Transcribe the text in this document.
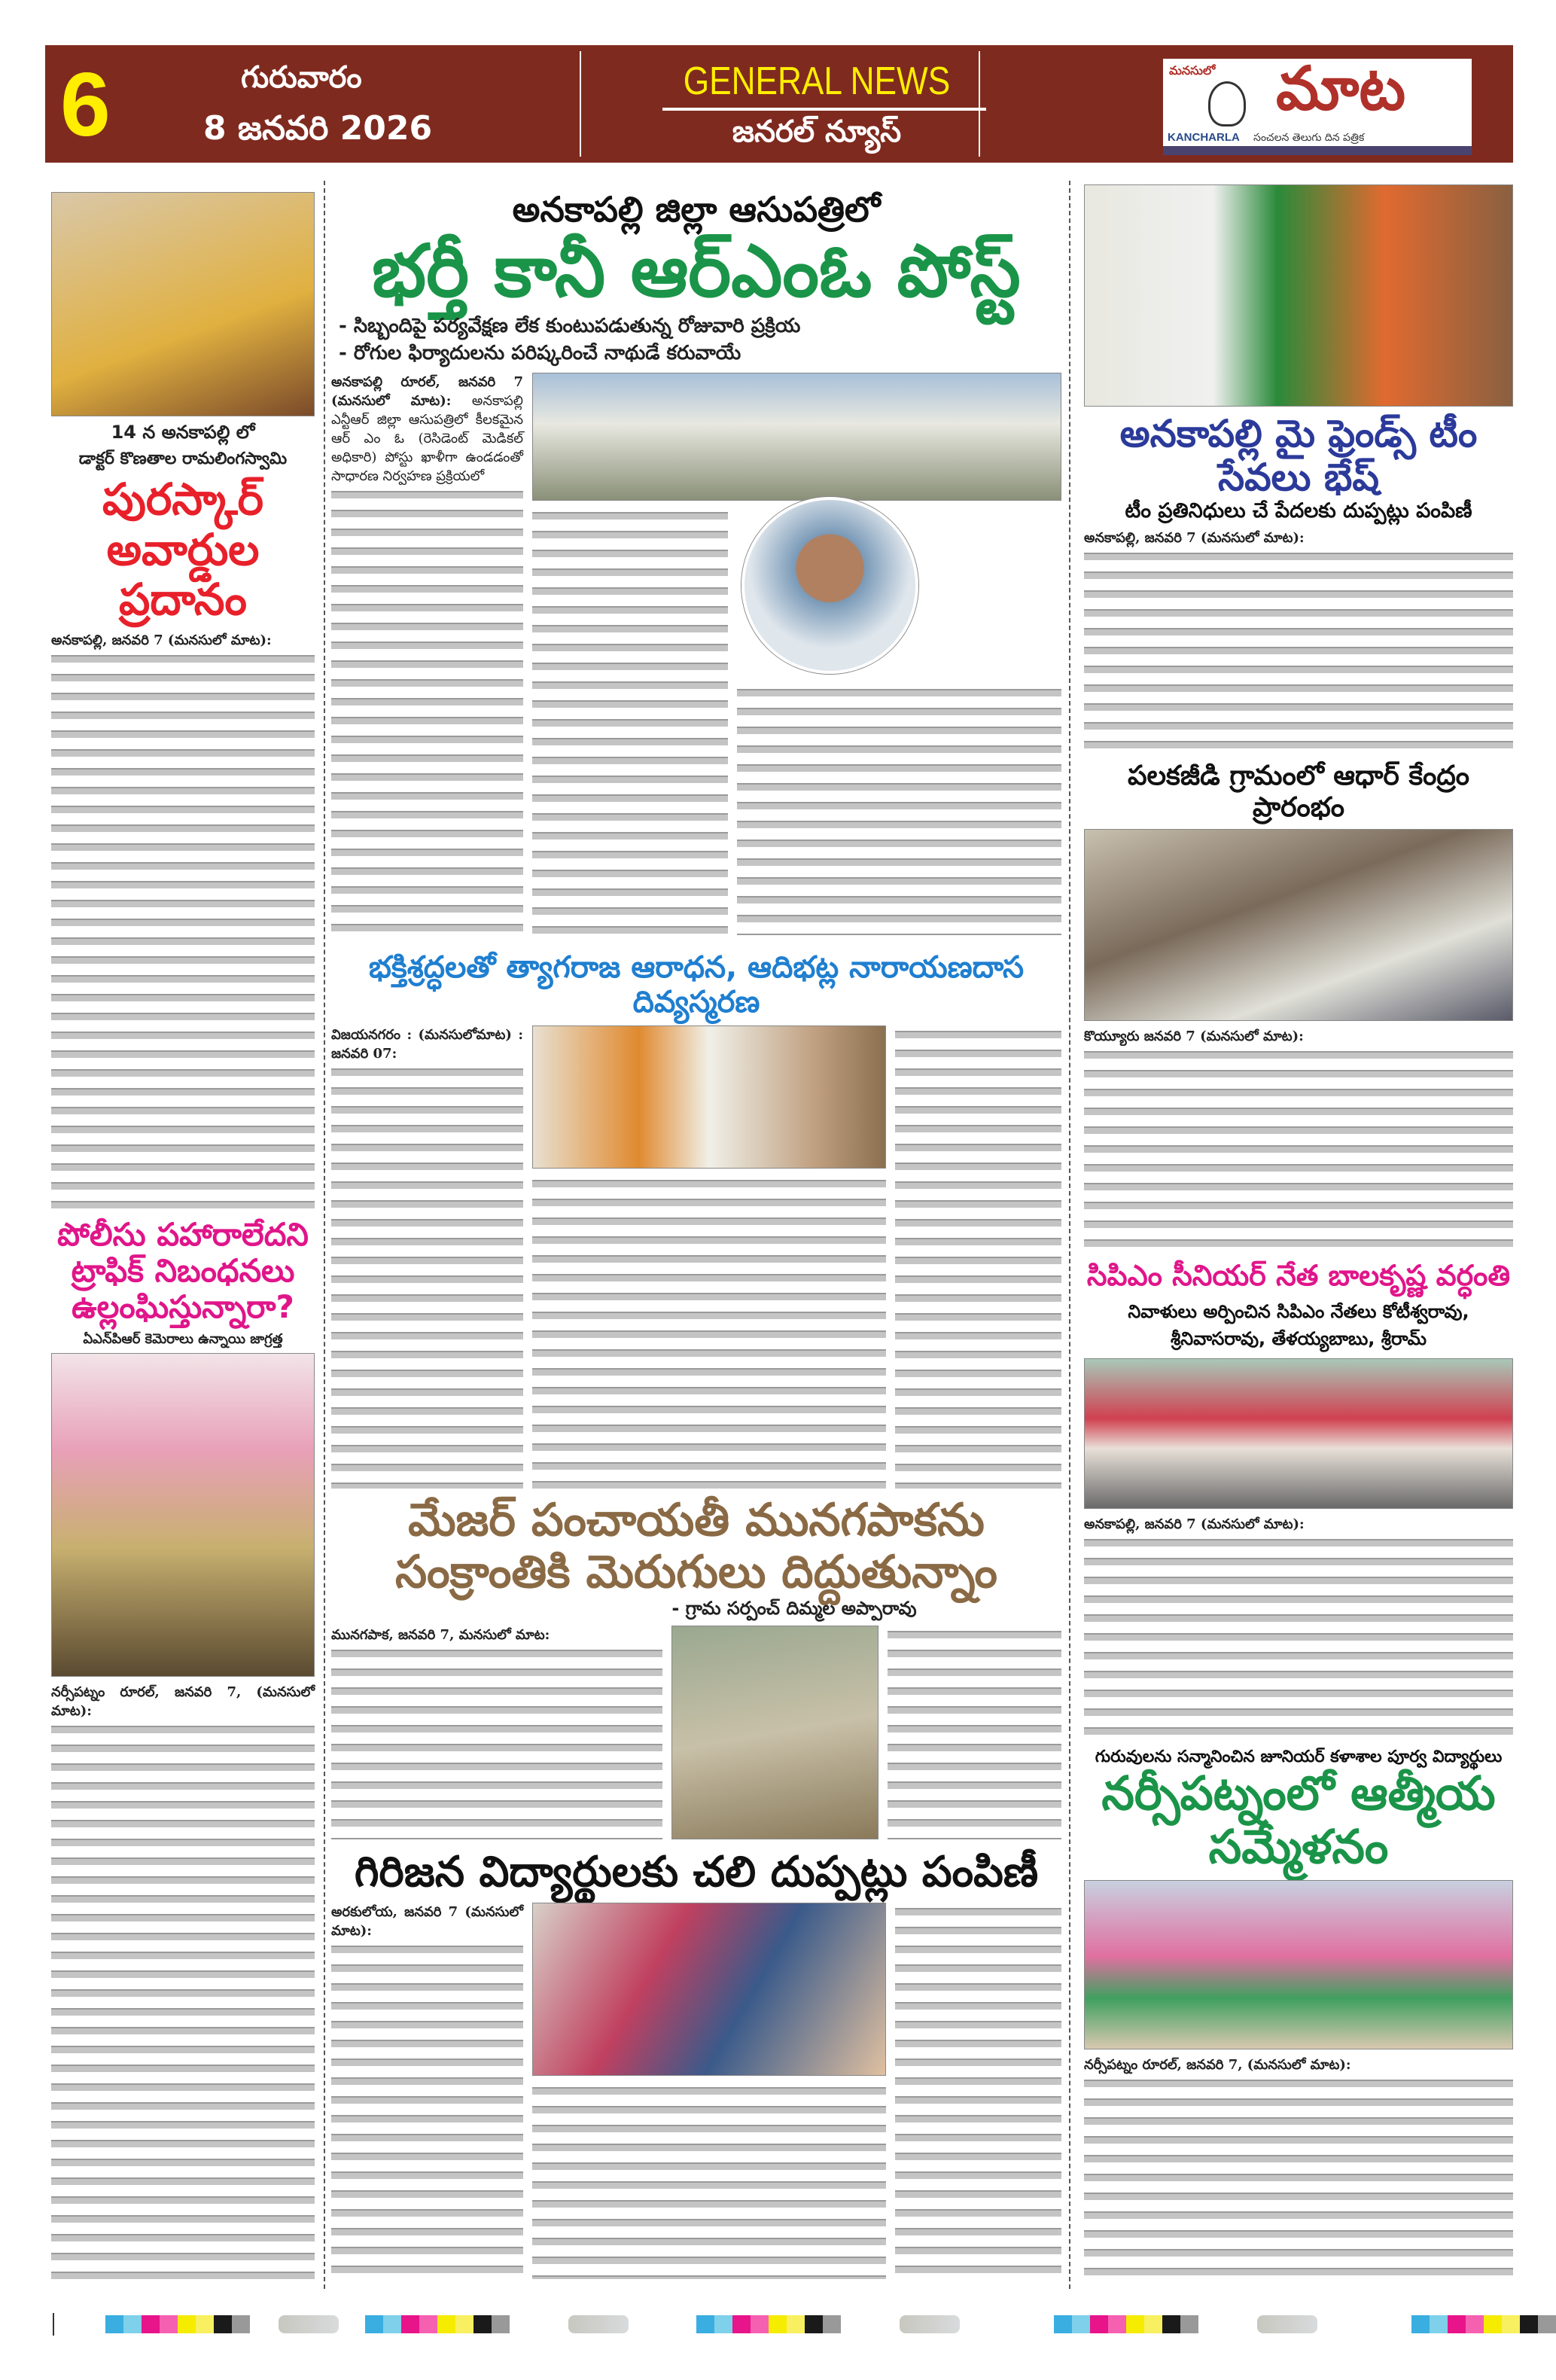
6	గురువారం
8 జనవరి 2026
GENERAL NEWS
జనరల్ న్యూస్
మనసులో	మాట
KANCHARLA సంచలన తెలుగు దిన పత్రిక
14 న అనకాపల్లి లో
డాక్టర్ కొణతాల రామలింగస్వామి
పురస్కార్ అవార్డుల ప్రదానం
అనకాపల్లి, జనవరి 7 (మనసులో మాట):
పోలీసు పహారాలేదని ట్రాఫిక్ నిబంధనలు ఉల్లంఘిస్తున్నారా?
ఏఎన్‌పిఆర్ కెమెరాలు ఉన్నాయి జాగ్రత్త
నర్సీపట్నం రూరల్, జనవరి 7, (మనసులో మాట):
అనకాపల్లి జిల్లా ఆసుపత్రిలో
భర్తీ కానీ ఆర్ఎంఓ పోస్ట్
- సిబ్బందిపై పర్యవేక్షణ లేక కుంటుపడుతున్న రోజువారి ప్రక్రియ
- రోగుల ఫిర్యాదులను పరిష్కరించే నాథుడే కరువాయే
అనకాపల్లి రూరల్, జనవరి 7 (మనసులో మాట): అనకాపల్లి ఎన్టీఆర్ జిల్లా ఆసుపత్రిలో కీలకమైన ఆర్ ఎం ఓ (రెసిడెంట్ మెడికల్ అధికారి) పోస్టు ఖాళీగా ఉండడంతో సాధారణ నిర్వహణ ప్రక్రియలో
భక్తిశ్రద్ధలతో త్యాగరాజ ఆరాధన, ఆదిభట్ల నారాయణదాస దివ్యస్మరణ
విజయనగరం : (మనసులోమాట) : జనవరి 07:
మేజర్ పంచాయతీ మునగపాకను
సంక్రాంతికి మెరుగులు దిద్దుతున్నాం
- గ్రామ సర్పంచ్ దిమ్మల అప్పారావు
మునగపాక, జనవరి 7, మనసులో మాట:
గిరిజన విద్యార్థులకు చలి దుప్పట్లు పంపిణీ
అరకులోయ, జనవరి 7 (మనసులో మాట):
అనకాపల్లి మై ఫ్రెండ్స్ టీం సేవలు భేష్
టీం ప్రతినిధులు చే పేదలకు దుప్పట్లు పంపిణీ
అనకాపల్లి, జనవరి 7 (మనసులో మాట):
పలకజీడి గ్రామంలో ఆధార్ కేంద్రం ప్రారంభం
కొయ్యూరు జనవరి 7 (మనసులో మాట):
సిపిఎం సీనియర్ నేత బాలకృష్ణ వర్ధంతి
నివాళులు అర్పించిన సిపిఎం నేతలు కోటీశ్వరావు, శ్రీనివాసరావు, తేళయ్యబాబు, శ్రీరామ్
అనకాపల్లి, జనవరి 7 (మనసులో మాట):
గురువులను సన్మానించిన జూనియర్ కళాశాల పూర్వ విద్యార్థులు
నర్సీపట్నంలో ఆత్మీయ సమ్మేళనం
నర్సీపట్నం రూరల్, జనవరి 7, (మనసులో మాట):
